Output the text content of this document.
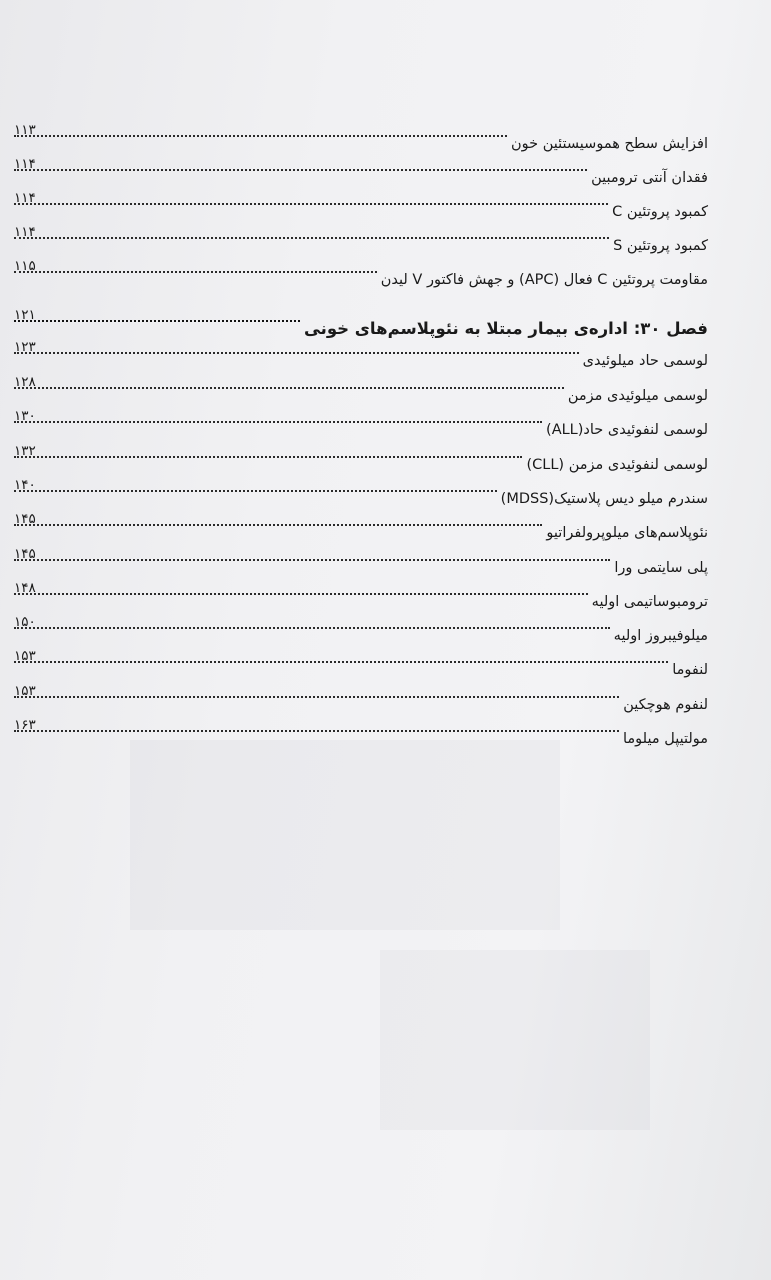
افزایش سطح هموسیستئین خون
۱۱۳
فقدان آنتی ترومبین
۱۱۴
کمبود پروتئین C
۱۱۴
کمبود پروتئین S
۱۱۴
مقاومت پروتئین C فعال (APC) و جهش فاکتور V لیدن
۱۱۵
فصل ۳۰: اداره‌ی بیمار مبتلا به نئوپلاسم‌های خونی
۱۲۱
لوسمی حاد میلوئیدی
۱۲۳
لوسمی میلوئیدی مزمن
۱۲۸
لوسمی لنفوئیدی حاد(ALL)
۱۳۰
لوسمی لنفوئیدی مزمن (CLL)
۱۳۲
سندرم میلو دیس پلاستیک(MDSS)
۱۴۰
نئوپلاسم‌های میلوپرولفراتیو
۱۴۵
پلی سایتمی ورا
۱۴۵
ترومبوساتیمی اولیه
۱۴۸
میلوفیبروز اولیه
۱۵۰
لنفوما
۱۵۳
لنفوم هوچکین
۱۵۳
مولتیپل میلوما
۱۶۳
